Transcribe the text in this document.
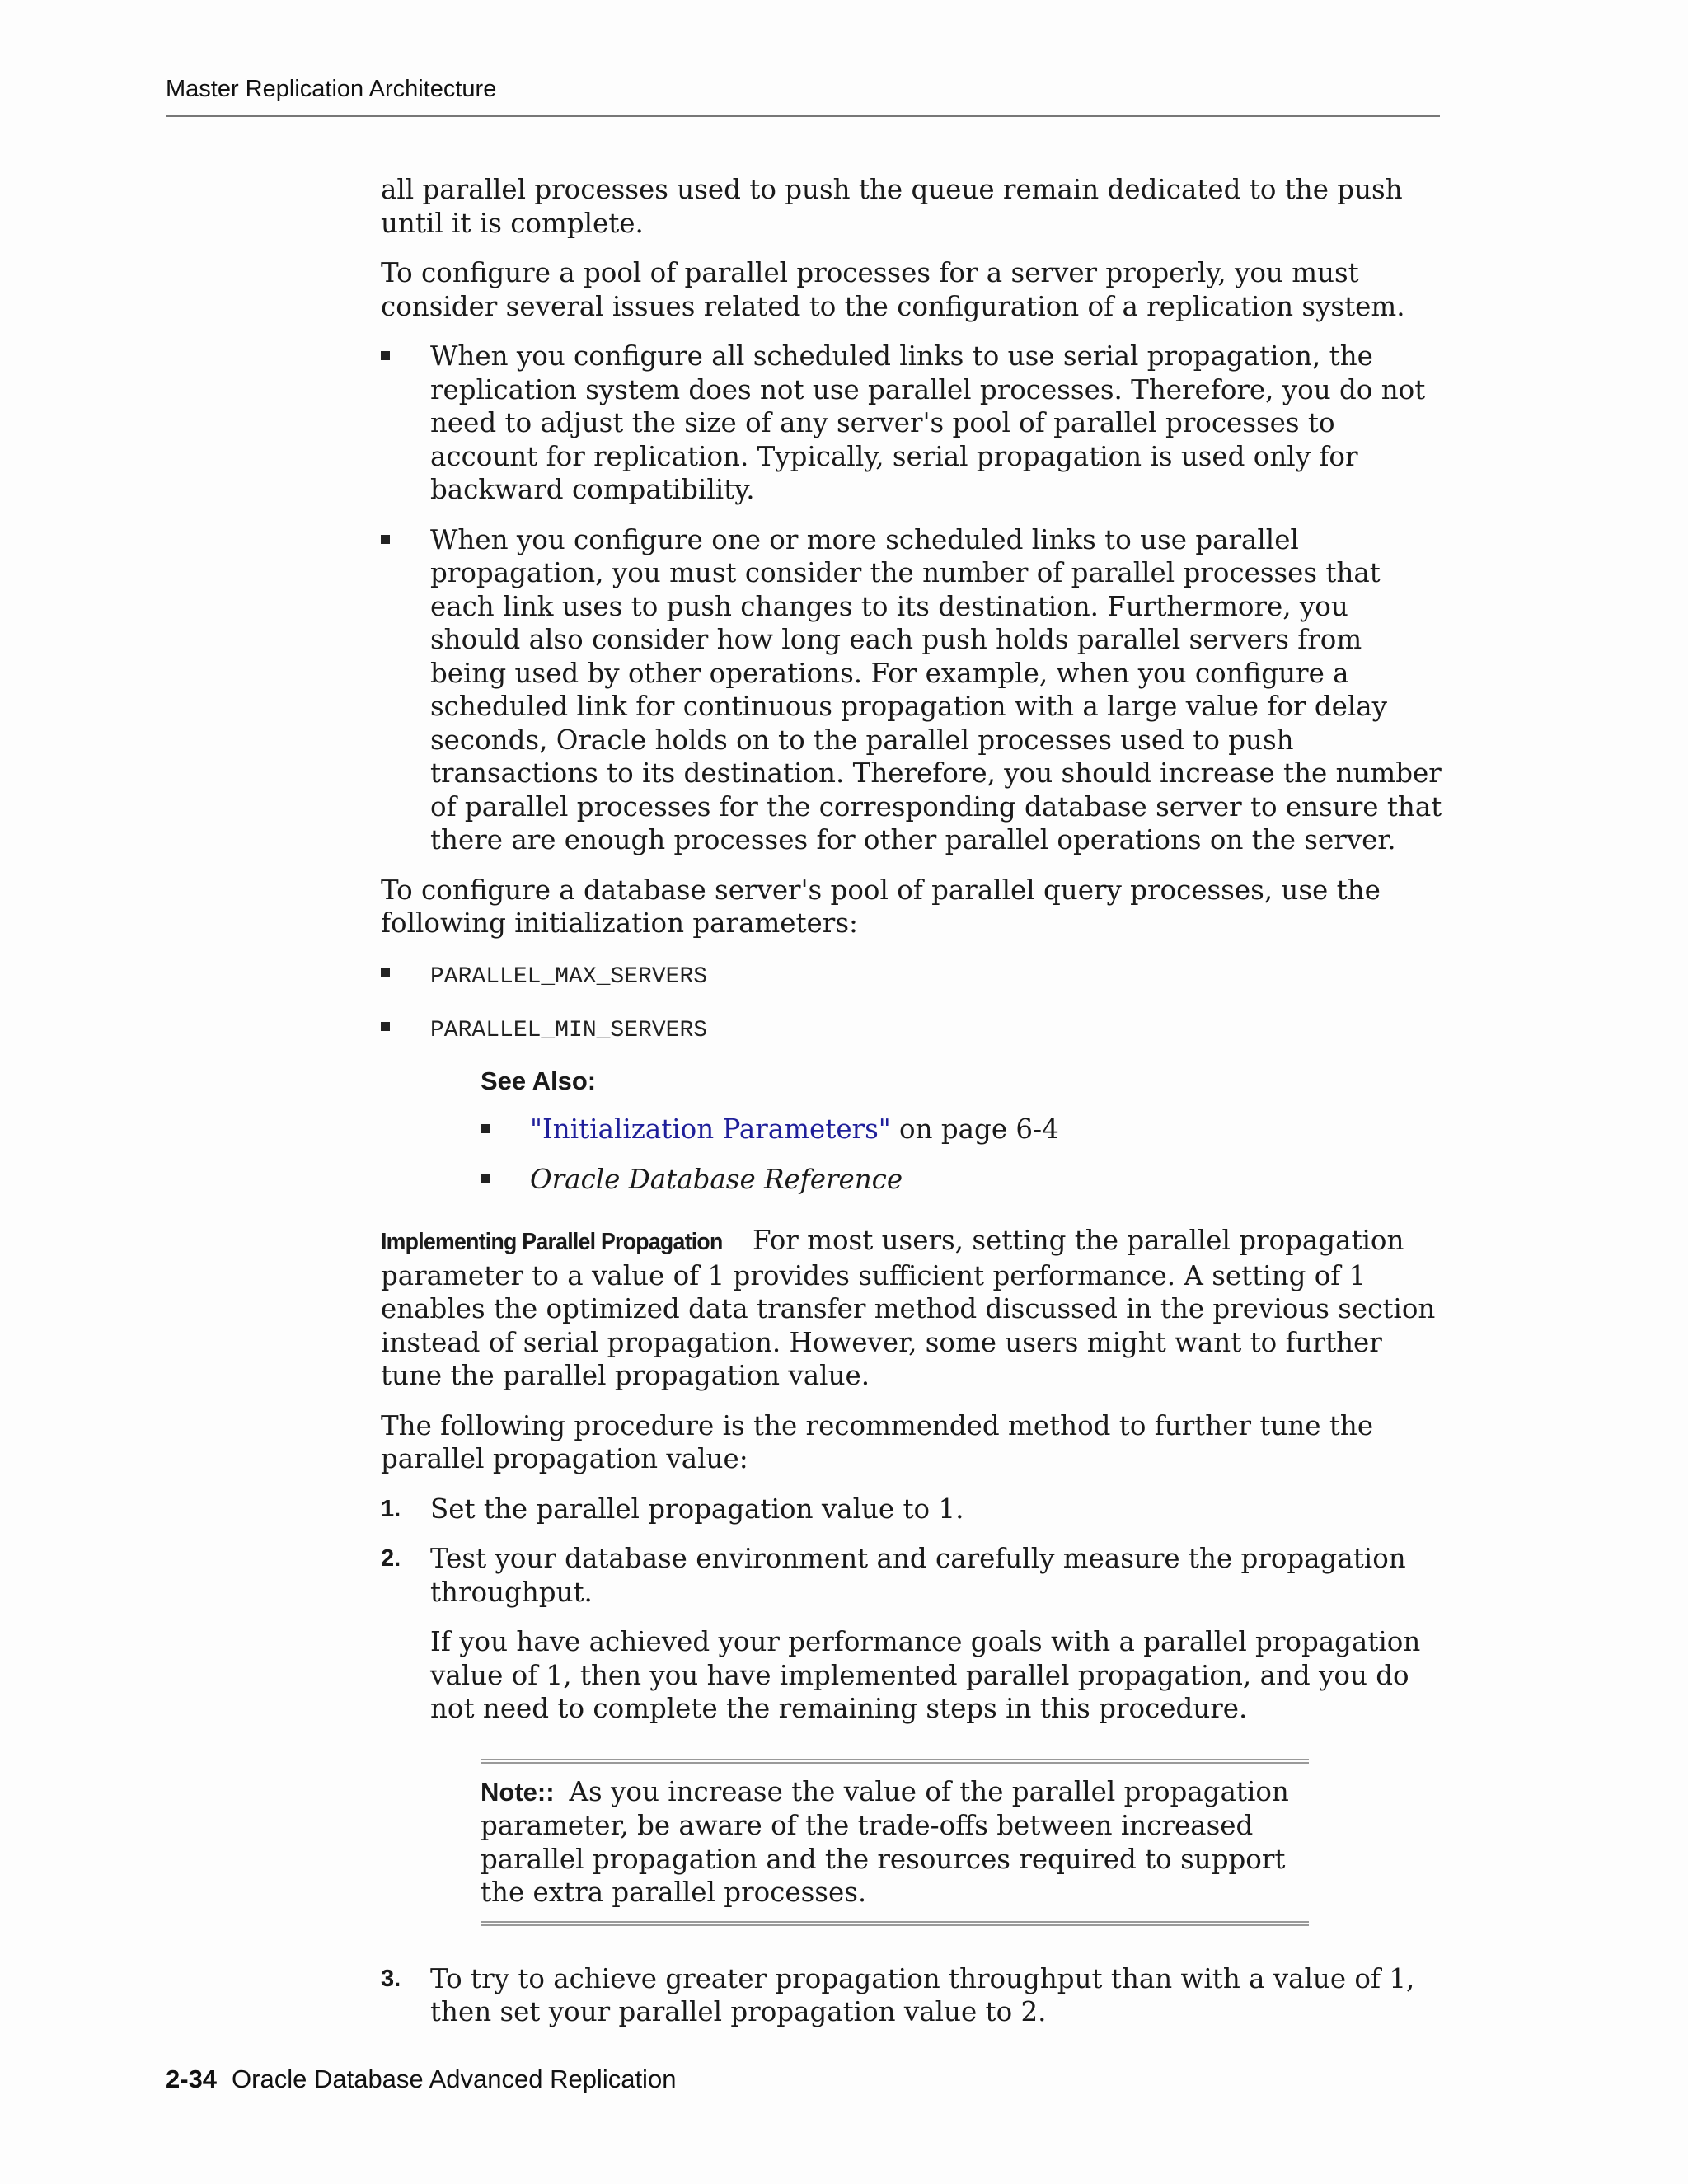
Master Replication Architecture

all parallel processes used to push the queue remain dedicated to the push until it is complete.

To configure a pool of parallel processes for a server properly, you must consider several issues related to the configuration of a replication system.

When you configure all scheduled links to use serial propagation, the replication system does not use parallel processes. Therefore, you do not need to adjust the size of any server's pool of parallel processes to account for replication. Typically, serial propagation is used only for backward compatibility.
When you configure one or more scheduled links to use parallel propagation, you must consider the number of parallel processes that each link uses to push changes to its destination. Furthermore, you should also consider how long each push holds parallel servers from being used by other operations. For example, when you configure a scheduled link for continuous propagation with a large value for delay seconds, Oracle holds on to the parallel processes used to push transactions to its destination. Therefore, you should increase the number of parallel processes for the corresponding database server to ensure that there are enough processes for other parallel operations on the server.

To configure a database server's pool of parallel query processes, use the following initialization parameters:

PARALLEL_MAX_SERVERS
PARALLEL_MIN_SERVERS
See Also:
"Initialization Parameters" on page 6-4
Oracle Database Reference

Implementing Parallel Propagation For most users, setting the parallel propagation parameter to a value of 1 provides sufficient performance. A setting of 1 enables the optimized data transfer method discussed in the previous section instead of serial propagation. However, some users might want to further tune the parallel propagation value.

The following procedure is the recommended method to further tune the parallel propagation value:

1. Set the parallel propagation value to 1.
2. Test your database environment and carefully measure the propagation throughput.
If you have achieved your performance goals with a parallel propagation value of 1, then you have implemented parallel propagation, and you do not need to complete the remaining steps in this procedure.
Note:: As you increase the value of the parallel propagation parameter, be aware of the trade-offs between increased parallel propagation and the resources required to support the extra parallel processes.
3. To try to achieve greater propagation throughput than with a value of 1, then set your parallel propagation value to 2.
2-34 Oracle Database Advanced Replication
